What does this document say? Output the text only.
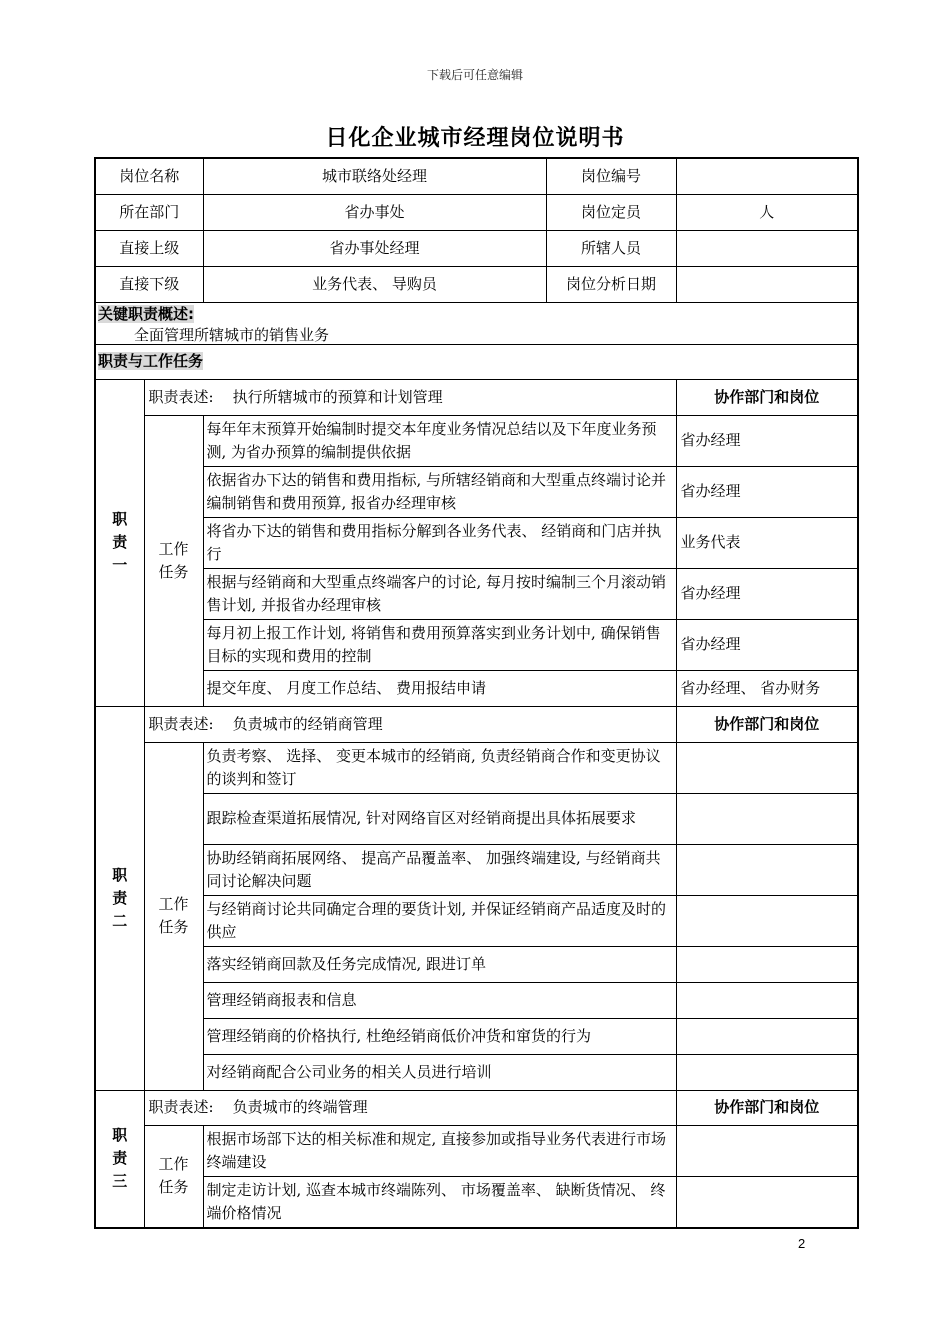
下载后可任意编辑
日化企业城市经理岗位说明书
岗位名称		城市联络处经理	岗位编号	
所在部门		省办事处	岗位定员	人
直接上级		省办事处经理	所辖人员	
直接下级		业务代表、 导购员	岗位分析日期	
关键职责概述:
全面管理所辖城市的销售业务				

职责与工作任务				
职责一	职责表述: 执行所辖城市的预算和计划管理			协作部门和岗位
	工作任务	每年年末预算开始编制时提交本年度业务情况总结以及下年度业务预测, 为省办预算的编制提供依据		省办经理
		依据省办下达的销售和费用指标, 与所辖经销商和大型重点终端讨论并编制销售和费用预算, 报省办经理审核		省办经理
		将省办下达的销售和费用指标分解到各业务代表、 经销商和门店并执行		业务代表
		根据与经销商和大型重点终端客户的讨论, 每月按时编制三个月滚动销售计划, 并报省办经理审核		省办经理
		每月初上报工作计划, 将销售和费用预算落实到业务计划中, 确保销售目标的实现和费用的控制		省办经理
		提交年度、 月度工作总结、 费用报结申请		省办经理、 省办财务
职责二	职责表述: 负责城市的经销商管理			协作部门和岗位
	工作任务	负责考察、 选择、 变更本城市的经销商, 负责经销商合作和变更协议的谈判和签订		
		跟踪检查渠道拓展情况, 针对网络盲区对经销商提出具体拓展要求		
		协助经销商拓展网络、 提高产品覆盖率、 加强终端建设, 与经销商共同讨论解决问题		
		与经销商讨论共同确定合理的要货计划, 并保证经销商产品适度及时的供应		
		落实经销商回款及任务完成情况, 跟进订单		
		管理经销商报表和信息		
		管理经销商的价格执行, 杜绝经销商低价冲货和窜货的行为		
		对经销商配合公司业务的相关人员进行培训		
职责三	职责表述: 负责城市的终端管理			协作部门和岗位
	工作任务	根据市场部下达的相关标准和规定, 直接参加或指导业务代表进行市场终端建设		
		制定走访计划, 巡查本城市终端陈列、 市场覆盖率、 缺断货情况、 终端价格情况		
2
